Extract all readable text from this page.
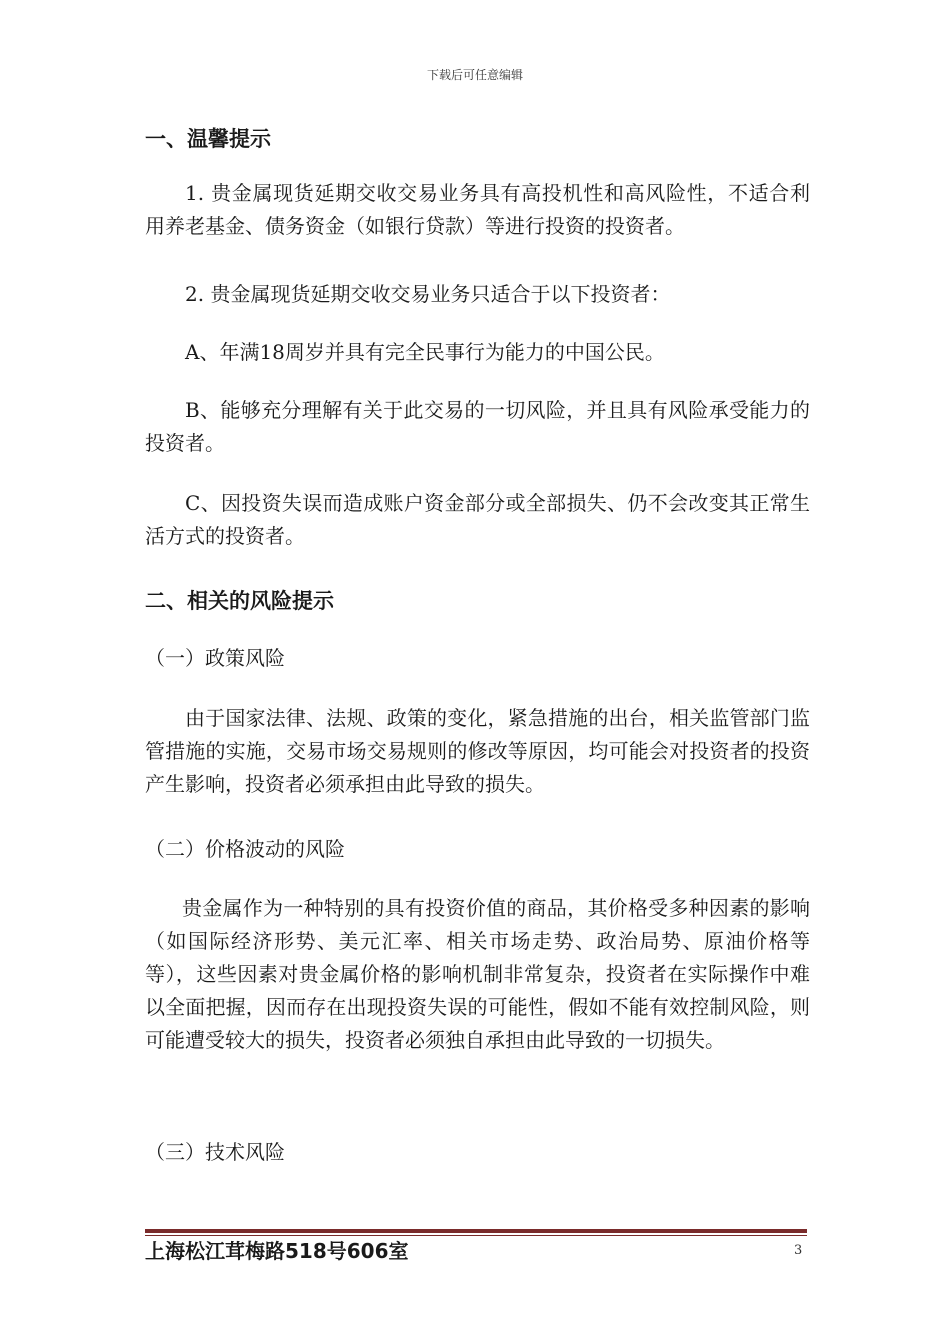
下载后可任意编辑
一、温馨提示
1. 贵金属现货延期交收交易业务具有高投机性和高风险性，不适合利用养老基金、债务资金（如银行贷款）等进行投资的投资者。
2. 贵金属现货延期交收交易业务只适合于以下投资者：
A、年满18周岁并具有完全民事行为能力的中国公民。
B、能够充分理解有关于此交易的一切风险，并且具有风险承受能力的投资者。
C、因投资失误而造成账户资金部分或全部损失、仍不会改变其正常生活方式的投资者。
二、相关的风险提示
（一）政策风险
由于国家法律、法规、政策的变化，紧急措施的出台，相关监管部门监管措施的实施，交易市场交易规则的修改等原因，均可能会对投资者的投资产生影响，投资者必须承担由此导致的损失。
（二）价格波动的风险
贵金属作为一种特别的具有投资价值的商品，其价格受多种因素的影响（如国际经济形势、美元汇率、相关市场走势、政治局势、原油价格等等），这些因素对贵金属价格的影响机制非常复杂，投资者在实际操作中难以全面把握，因而存在出现投资失误的可能性，假如不能有效控制风险，则可能遭受较大的损失，投资者必须独自承担由此导致的一切损失。
（三）技术风险
上海松江茸梅路518号606室	3
